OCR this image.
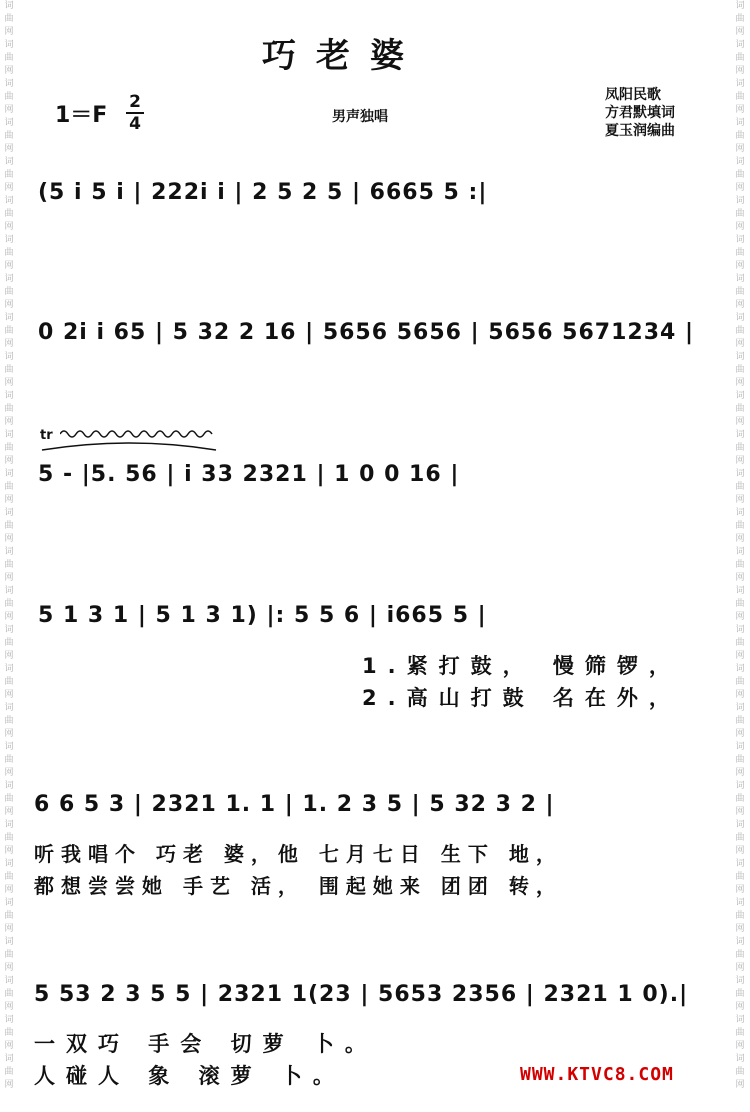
词曲网词曲网词曲网词曲网词曲网词曲网词曲网词曲网词曲网词曲网词曲网词曲网词曲网词曲网词曲网词曲网词曲网词曲网词曲网词曲网词曲网词曲网词曲网词曲网词曲网词曲网词曲网词曲网
词曲网词曲网词曲网词曲网词曲网词曲网词曲网词曲网词曲网词曲网词曲网词曲网词曲网词曲网词曲网词曲网词曲网词曲网词曲网词曲网词曲网词曲网词曲网词曲网词曲网词曲网词曲网词曲网
巧老婆
1＝F
2
4	男声独唱
凤阳民歌
方君默填词
夏玉润编曲
(5 i 5 i | 222i i | 2 5 2 5 | 6665 5 :|
0 2i i 65 | 5 32 2 16 | 5656 5656 | 5656 5671234 |
tr
5 - |5. 56 | i 33 2321 | 1 0 0 16 |
5 1 3 1 | 5 1 3 1) |: 5 5 6 | i665 5 |
1.紧打鼓， 慢筛锣，
2.高山打鼓 名在外，
6 6 5 3 | 2321 1. 1 | 1. 2 3 5 | 5 32 3 2 |
听我唱个 巧老 婆，他 七月七日 生下 地，
都想尝尝她 手艺 活， 围起她来 团团 转，
5 53 2 3 5 5 | 2321 1(23 | 5653 2356 | 2321 1 0).|
一双巧 手会 切萝 卜。
人碰人 象 滚萝 卜。	WWW.KTVC8.COM
